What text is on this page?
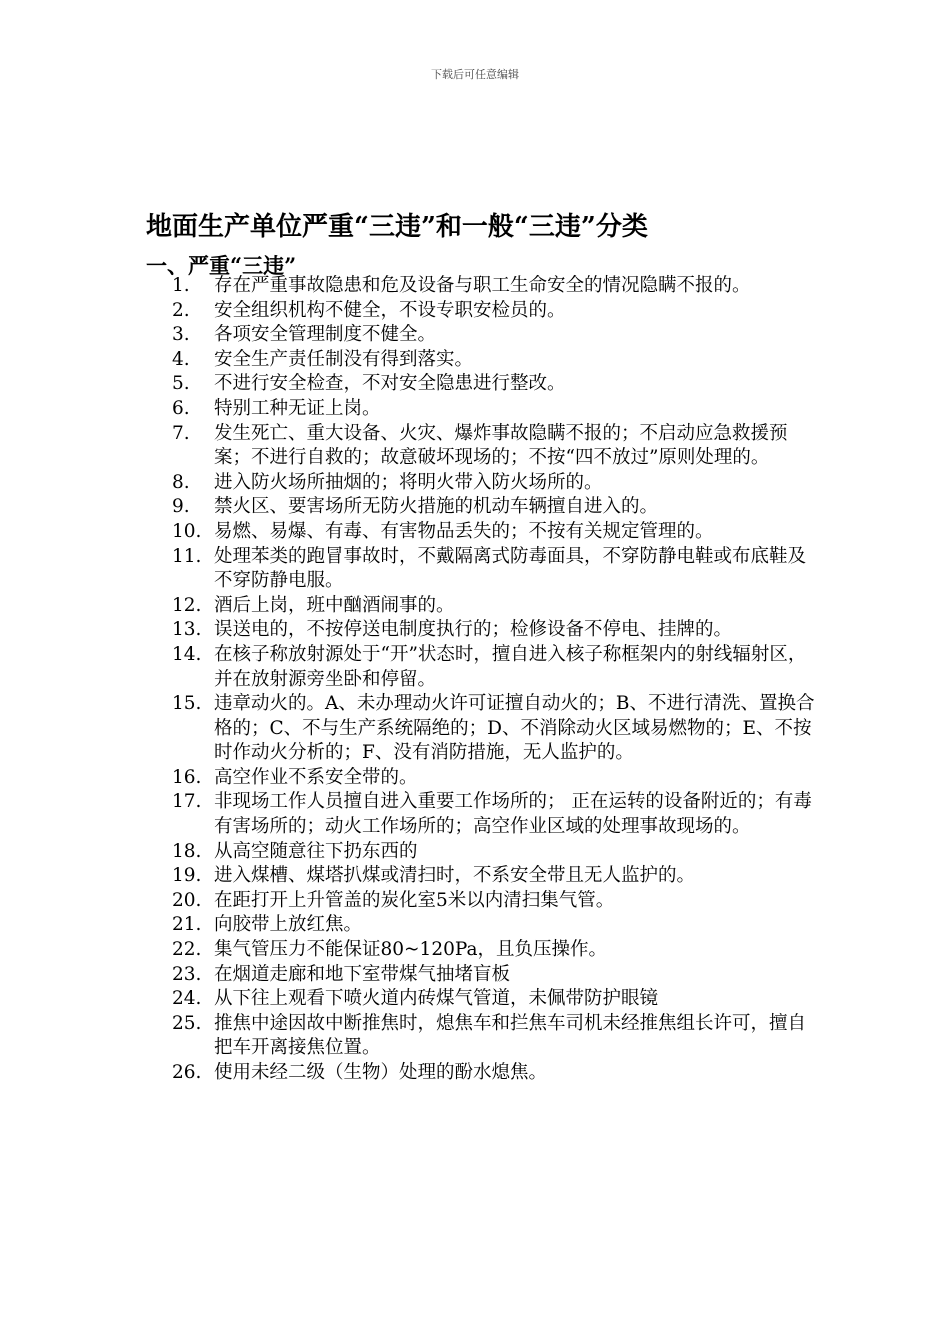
下载后可任意编辑
地面生产单位严重“三违”和一般“三违”分类
一、严重“三违”
1.	存在严重事故隐患和危及设备与职工生命安全的情况隐瞒不报的。
2.	安全组织机构不健全，不设专职安检员的。
3.	各项安全管理制度不健全。
4.	安全生产责任制没有得到落实。
5.	不进行安全检查，不对安全隐患进行整改。
6.	特别工种无证上岗。
7.	发生死亡、重大设备、火灾、爆炸事故隐瞒不报的；不启动应急救援预案；不进行自救的；故意破坏现场的；不按“四不放过”原则处理的。
8.	进入防火场所抽烟的；将明火带入防火场所的。
9.	禁火区、要害场所无防火措施的机动车辆擅自进入的。
10. 易燃、易爆、有毒、有害物品丢失的；不按有关规定管理的。
11. 处理苯类的跑冒事故时，不戴隔离式防毒面具，不穿防静电鞋或布底鞋及不穿防静电服。
12. 酒后上岗，班中酗酒闹事的。
13. 误送电的，不按停送电制度执行的；检修设备不停电、挂牌的。
14. 在核子称放射源处于“开”状态时，擅自进入核子称框架内的射线辐射区，并在放射源旁坐卧和停留。
15. 违章动火的。A、未办理动火许可证擅自动火的；B、不进行清洗、置换合格的；C、不与生产系统隔绝的；D、不消除动火区域易燃物的；E、不按时作动火分析的；F、没有消防措施，无人监护的。
16. 高空作业不系安全带的。
17. 非现场工作人员擅自进入重要工作场所的； 正在运转的设备附近的；有毒有害场所的；动火工作场所的；高空作业区域的处理事故现场的。
18. 从高空随意往下扔东西的
19. 进入煤槽、煤塔扒煤或清扫时，不系安全带且无人监护的。
20. 在距打开上升管盖的炭化室5米以内清扫集气管。
21. 向胶带上放红焦。
22. 集气管压力不能保证80~120Pa，且负压操作。
23. 在烟道走廊和地下室带煤气抽堵盲板
24. 从下往上观看下喷火道内砖煤气管道，未佩带防护眼镜
25. 推焦中途因故中断推焦时，熄焦车和拦焦车司机未经推焦组长许可，擅自把车开离接焦位置。
26. 使用未经二级（生物）处理的酚水熄焦。
